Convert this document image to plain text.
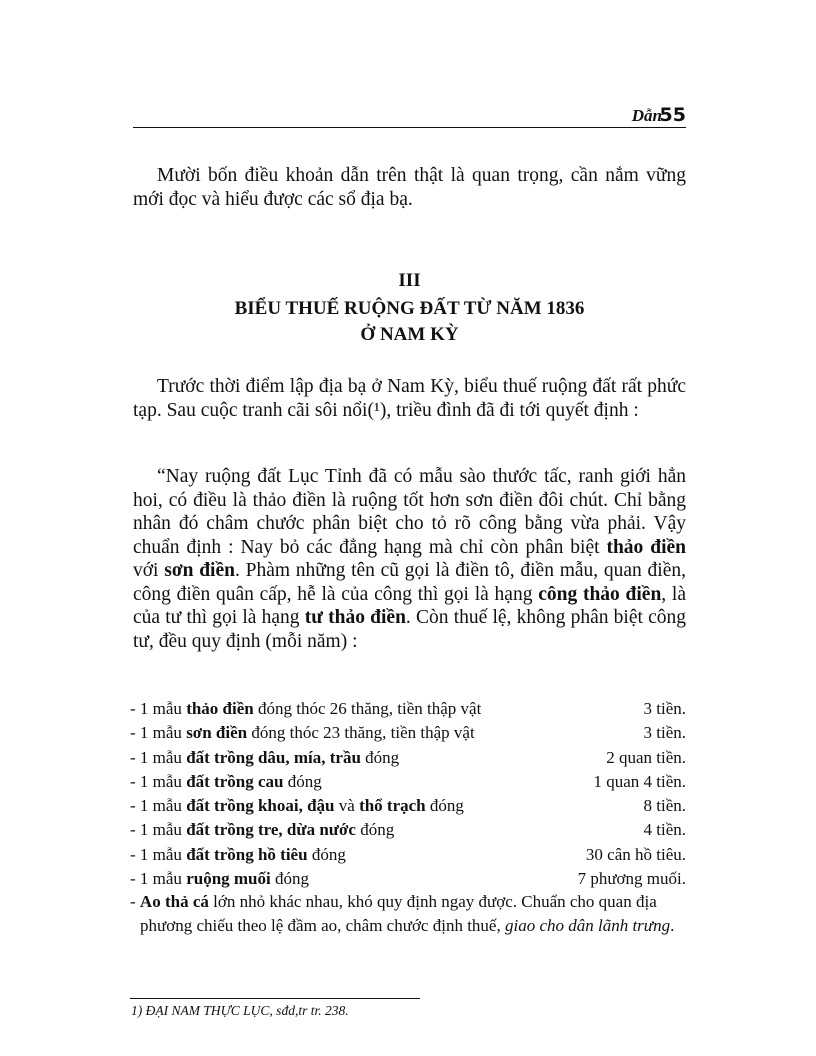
Dẫn
55

Mười bốn điều khoản dẫn trên thật là quan trọng, cần nắm vững mới đọc và hiểu được các sổ địa bạ.

III
BIỂU THUẾ RUỘNG ĐẤT TỪ NĂM 1836
Ở NAM KỲ

Trước thời điểm lập địa bạ ở Nam Kỳ, biểu thuế ruộng đất rất phức tạp. Sau cuộc tranh cãi sôi nổi(¹), triều đình đã đi tới quyết định :

“Nay ruộng đất Lục Tỉnh đã có mẫu sào thước tấc, ranh giới hẳn hoi, có điều là thảo điền là ruộng tốt hơn sơn điền đôi chút. Chỉ bằng nhân đó châm chước phân biệt cho tỏ rõ công bằng vừa phải. Vậy chuẩn định : Nay bỏ các đẳng hạng mà chỉ còn phân biệt thảo điền với sơn điền. Phàm những tên cũ gọi là điền tô, điền mẫu, quan điền, công điền quân cấp, hễ là của công thì gọi là hạng công thảo điền, là của tư thì gọi là hạng tư thảo điền. Còn thuế lệ, không phân biệt công tư, đều quy định (mỗi năm) :

- 1 mẫu thảo điền đóng thóc 26 thăng, tiền thập vật	3 tiền.
- 1 mẫu sơn điền đóng thóc 23 thăng, tiền thập vật	3 tiền.
- 1 mẫu đất trồng dâu, mía, trầu đóng	2 quan tiền.
- 1 mẫu đất trồng cau đóng	1 quan 4 tiền.
- 1 mẫu đất trồng khoai, đậu và thổ trạch đóng	8 tiền.
- 1 mẫu đất trồng tre, dừa nước đóng	4 tiền.
- 1 mẫu đất trồng hồ tiêu đóng	30 cân hồ tiêu.
- 1 mẫu ruộng muối đóng	7 phương muối.
- Ao thả cá lớn nhỏ khác nhau, khó quy định ngay được. Chuẩn cho quan địa phương chiếu theo lệ đầm ao, châm chước định thuế, giao cho dân lãnh trưng.
1) ĐẠI NAM THỰC LỤC, sđd,tr tr. 238.
